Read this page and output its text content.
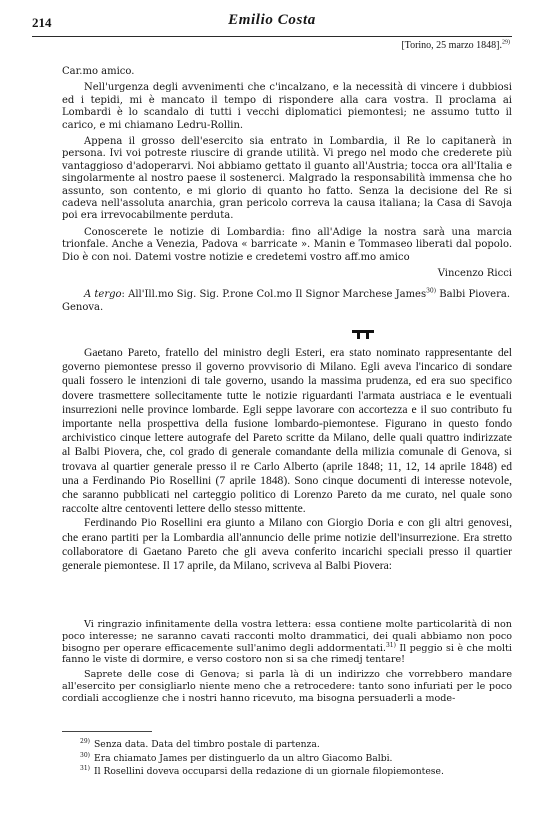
214	Emilio Costa
[Torino, 25 marzo 1848].$^{29)}$

Car.mo amico.

Nell'urgenza degli avvenimenti che c'incalzano, e la necessità di vincere i dubbiosi ed i tepidi, mi è mancato il tempo di rispondere alla cara vostra. Il proclama ai Lombardi è lo scandalo di tutti i vecchi diplomatici piemontesi; ne assumo tutto il carico, e mi chiamano Ledru-Rollin.

Appena il grosso dell'esercito sia entrato in Lombardia, il Re lo capitanerà in persona. Ivi voi potreste riuscire di grande utilità. Vi prego nel modo che crederete più vantaggioso d'adoperarvi. Noi abbiamo gettato il guanto all'Austria; tocca ora all'Italia e singolarmente al nostro paese il sostenerci. Malgrado la responsabilità immensa che ho assunto, son contento, e mi glorio di quanto ho fatto. Senza la decisione del Re si cadeva nell'assoluta anarchia, gran pericolo correva la causa italiana; la Casa di Savoja poi era irrevocabilmente perduta.

Conoscerete le notizie di Lombardia: fino all'Adige la nostra sarà una marcia trionfale. Anche a Venezia, Padova « barricate ». Manin e Tommaseo liberati dal popolo. Dio è con noi. Datemi vostre notizie e credetemi vostro aff.mo amico

Vincenzo Ricci
A tergo: All'Ill.mo Sig. Sig. P.rone Col.mo Il Signor Marchese James$^{30)}$ Balbi Piovera. Genova.

Gaetano Pareto, fratello del ministro degli Esteri, era stato nominato rappresentante del governo piemontese presso il governo provvisorio di Milano. Egli aveva l'incarico di sondare quali fossero le intenzioni di tale governo, usando la massima prudenza, ed era suo specifico dovere trasmettere sollecitamente tutte le notizie riguardanti l'armata austriaca e le eventuali insurrezioni nelle province lombarde. Egli seppe lavorare con accortezza e il suo contributo fu importante nella prospettiva della fusione lombardo-piemontese. Figurano in questo fondo archivistico cinque lettere autografe del Pareto scritte da Milano, delle quali quattro indirizzate al Balbi Piovera, che, col grado di generale comandante della milizia comunale di Genova, si trovava al quartier generale presso il re Carlo Alberto (aprile 1848; 11, 12, 14 aprile 1848) ed una a Ferdinando Pio Rosellini (7 aprile 1848). Sono cinque documenti di interesse notevole, che saranno pubblicati nel carteggio politico di Lorenzo Pareto da me curato, nel quale sono raccolte altre centoventi lettere dello stesso mittente.

Ferdinando Pio Rosellini era giunto a Milano con Giorgio Doria e con gli altri genovesi, che erano partiti per la Lombardia all'annuncio delle prime notizie dell'insurrezione. Era stretto collaboratore di Gaetano Pareto che gli aveva conferito incarichi speciali presso il quartier generale piemontese. Il 17 aprile, da Milano, scriveva al Balbi Piovera:

Vi ringrazio infinitamente della vostra lettera: essa contiene molte particolarità di non poco interesse; ne saranno cavati racconti molto drammatici, dei quali abbiamo non poco bisogno per operare efficacemente sull'animo degli addormentati.$^{31)}$ Il peggio si è che molti fanno le viste di dormire, e verso costoro non si sa che rimedj tentare!

Saprete delle cose di Genova; si parla là di un indirizzo che vorrebbero mandare all'esercito per consigliarlo niente meno che a retrocedere: tanto sono infuriati per le poco cordiali accoglienze che i nostri hanno ricevuto, ma bisogna persuaderli a mode-

$^{29)}$ Senza data. Data del timbro postale di partenza.
$^{30)}$ Era chiamato James per distinguerlo da un altro Giacomo Balbi.
$^{31)}$ Il Rosellini doveva occuparsi della redazione di un giornale filopiemontese.
